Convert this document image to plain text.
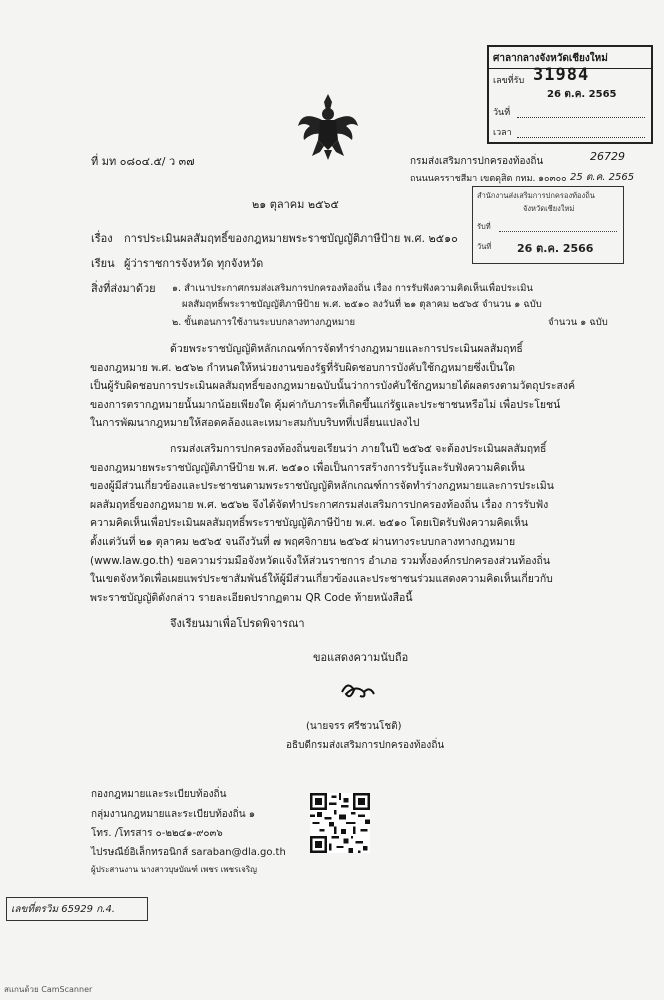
ศาลากลางจังหวัดเชียงใหม่
เลขที่รับ 31984
26 ต.ค. 2565
วันที่
เวลา
ที่ มท ๐๘๐๔.๕/ ว ๓๗	กรมส่งเสริมการปกครองท้องถิ่น
ถนนนครราชสีมา เขตดุสิต กทม. ๑๐๓๐๐
26729
25 ต.ค. 2565
๒๑ ตุลาคม ๒๕๖๕
สำนักงานส่งเสริมการปกครองท้องถิ่น
จังหวัดเชียงใหม่
รับที่
วันที่ 26 ต.ค. 2566
เรื่อง การประเมินผลสัมฤทธิ์ของกฎหมายพระราชบัญญัติภาษีป้าย พ.ศ. ๒๕๑๐
เรียน ผู้ว่าราชการจังหวัด ทุกจังหวัด
สิ่งที่ส่งมาด้วย ๑. สำเนาประกาศกรมส่งเสริมการปกครองท้องถิ่น เรื่อง การรับฟังความคิดเห็นเพื่อประเมิน
ผลสัมฤทธิ์พระราชบัญญัติภาษีป้าย พ.ศ. ๒๕๑๐ ลงวันที่ ๒๑ ตุลาคม ๒๕๖๕ จำนวน ๑ ฉบับ
๒. ขั้นตอนการใช้งานระบบกลางทางกฎหมาย	จำนวน ๑ ฉบับ

ด้วยพระราชบัญญัติหลักเกณฑ์การจัดทำร่างกฎหมายและการประเมินผลสัมฤทธิ์

ของกฎหมาย พ.ศ. ๒๕๖๒ กำหนดให้หน่วยงานของรัฐที่รับผิดชอบการบังคับใช้กฎหมายซึ่งเป็นใด

เป็นผู้รับผิดชอบการประเมินผลสัมฤทธิ์ของกฎหมายฉบับนั้นว่าการบังคับใช้กฎหมายได้ผลตรงตามวัตถุประสงค์

ของการตรากฎหมายนั้นมากน้อยเพียงใด คุ้มค่ากับภาระที่เกิดขึ้นแก่รัฐและประชาชนหรือไม่ เพื่อประโยชน์

ในการพัฒนากฎหมายให้สอดคล้องและเหมาะสมกับบริบทที่เปลี่ยนแปลงไป

กรมส่งเสริมการปกครองท้องถิ่นขอเรียนว่า ภายในปี ๒๕๖๕ จะต้องประเมินผลสัมฤทธิ์

ของกฎหมายพระราชบัญญัติภาษีป้าย พ.ศ. ๒๕๑๐ เพื่อเป็นการสร้างการรับรู้และรับฟังความคิดเห็น

ของผู้มีส่วนเกี่ยวข้องและประชาชนตามพระราชบัญญัติหลักเกณฑ์การจัดทำร่างกฎหมายและการประเมิน

ผลสัมฤทธิ์ของกฎหมาย พ.ศ. ๒๕๖๒ จึงได้จัดทำประกาศกรมส่งเสริมการปกครองท้องถิ่น เรื่อง การรับฟัง

ความคิดเห็นเพื่อประเมินผลสัมฤทธิ์พระราชบัญญัติภาษีป้าย พ.ศ. ๒๕๑๐ โดยเปิดรับฟังความคิดเห็น

ตั้งแต่วันที่ ๒๑ ตุลาคม ๒๕๖๕ จนถึงวันที่ ๗ พฤศจิกายน ๒๕๖๕ ผ่านทางระบบกลางทางกฎหมาย

(www.law.go.th) ขอความร่วมมือจังหวัดแจ้งให้ส่วนราชการ อำเภอ รวมทั้งองค์กรปกครองส่วนท้องถิ่น

ในเขตจังหวัดเพื่อเผยแพร่ประชาสัมพันธ์ให้ผู้มีส่วนเกี่ยวข้องและประชาชนร่วมแสดงความคิดเห็นเกี่ยวกับ

พระราชบัญญัติดังกล่าว รายละเอียดปรากฏตาม QR Code ท้ายหนังสือนี้

จึงเรียนมาเพื่อโปรดพิจารณา
ขอแสดงความนับถือ
(นายจรร ศรีชวนโชติ)
อธิบดีกรมส่งเสริมการปกครองท้องถิ่น
กองกฎหมายและระเบียบท้องถิ่น
กลุ่มงานกฎหมายและระเบียบท้องถิ่น ๑
โทร. /โทรสาร ๐-๒๒๔๑-๙๐๓๖
ไปรษณีย์อิเล็กทรอนิกส์ saraban@dla.go.th
ผู้ประสานงาน นางสาวบุษบัณฑ์ เพชร เพชรเจริญ
เลขที่ตรวิม 65929 ก.4.
สแกนด้วย CamScanner
